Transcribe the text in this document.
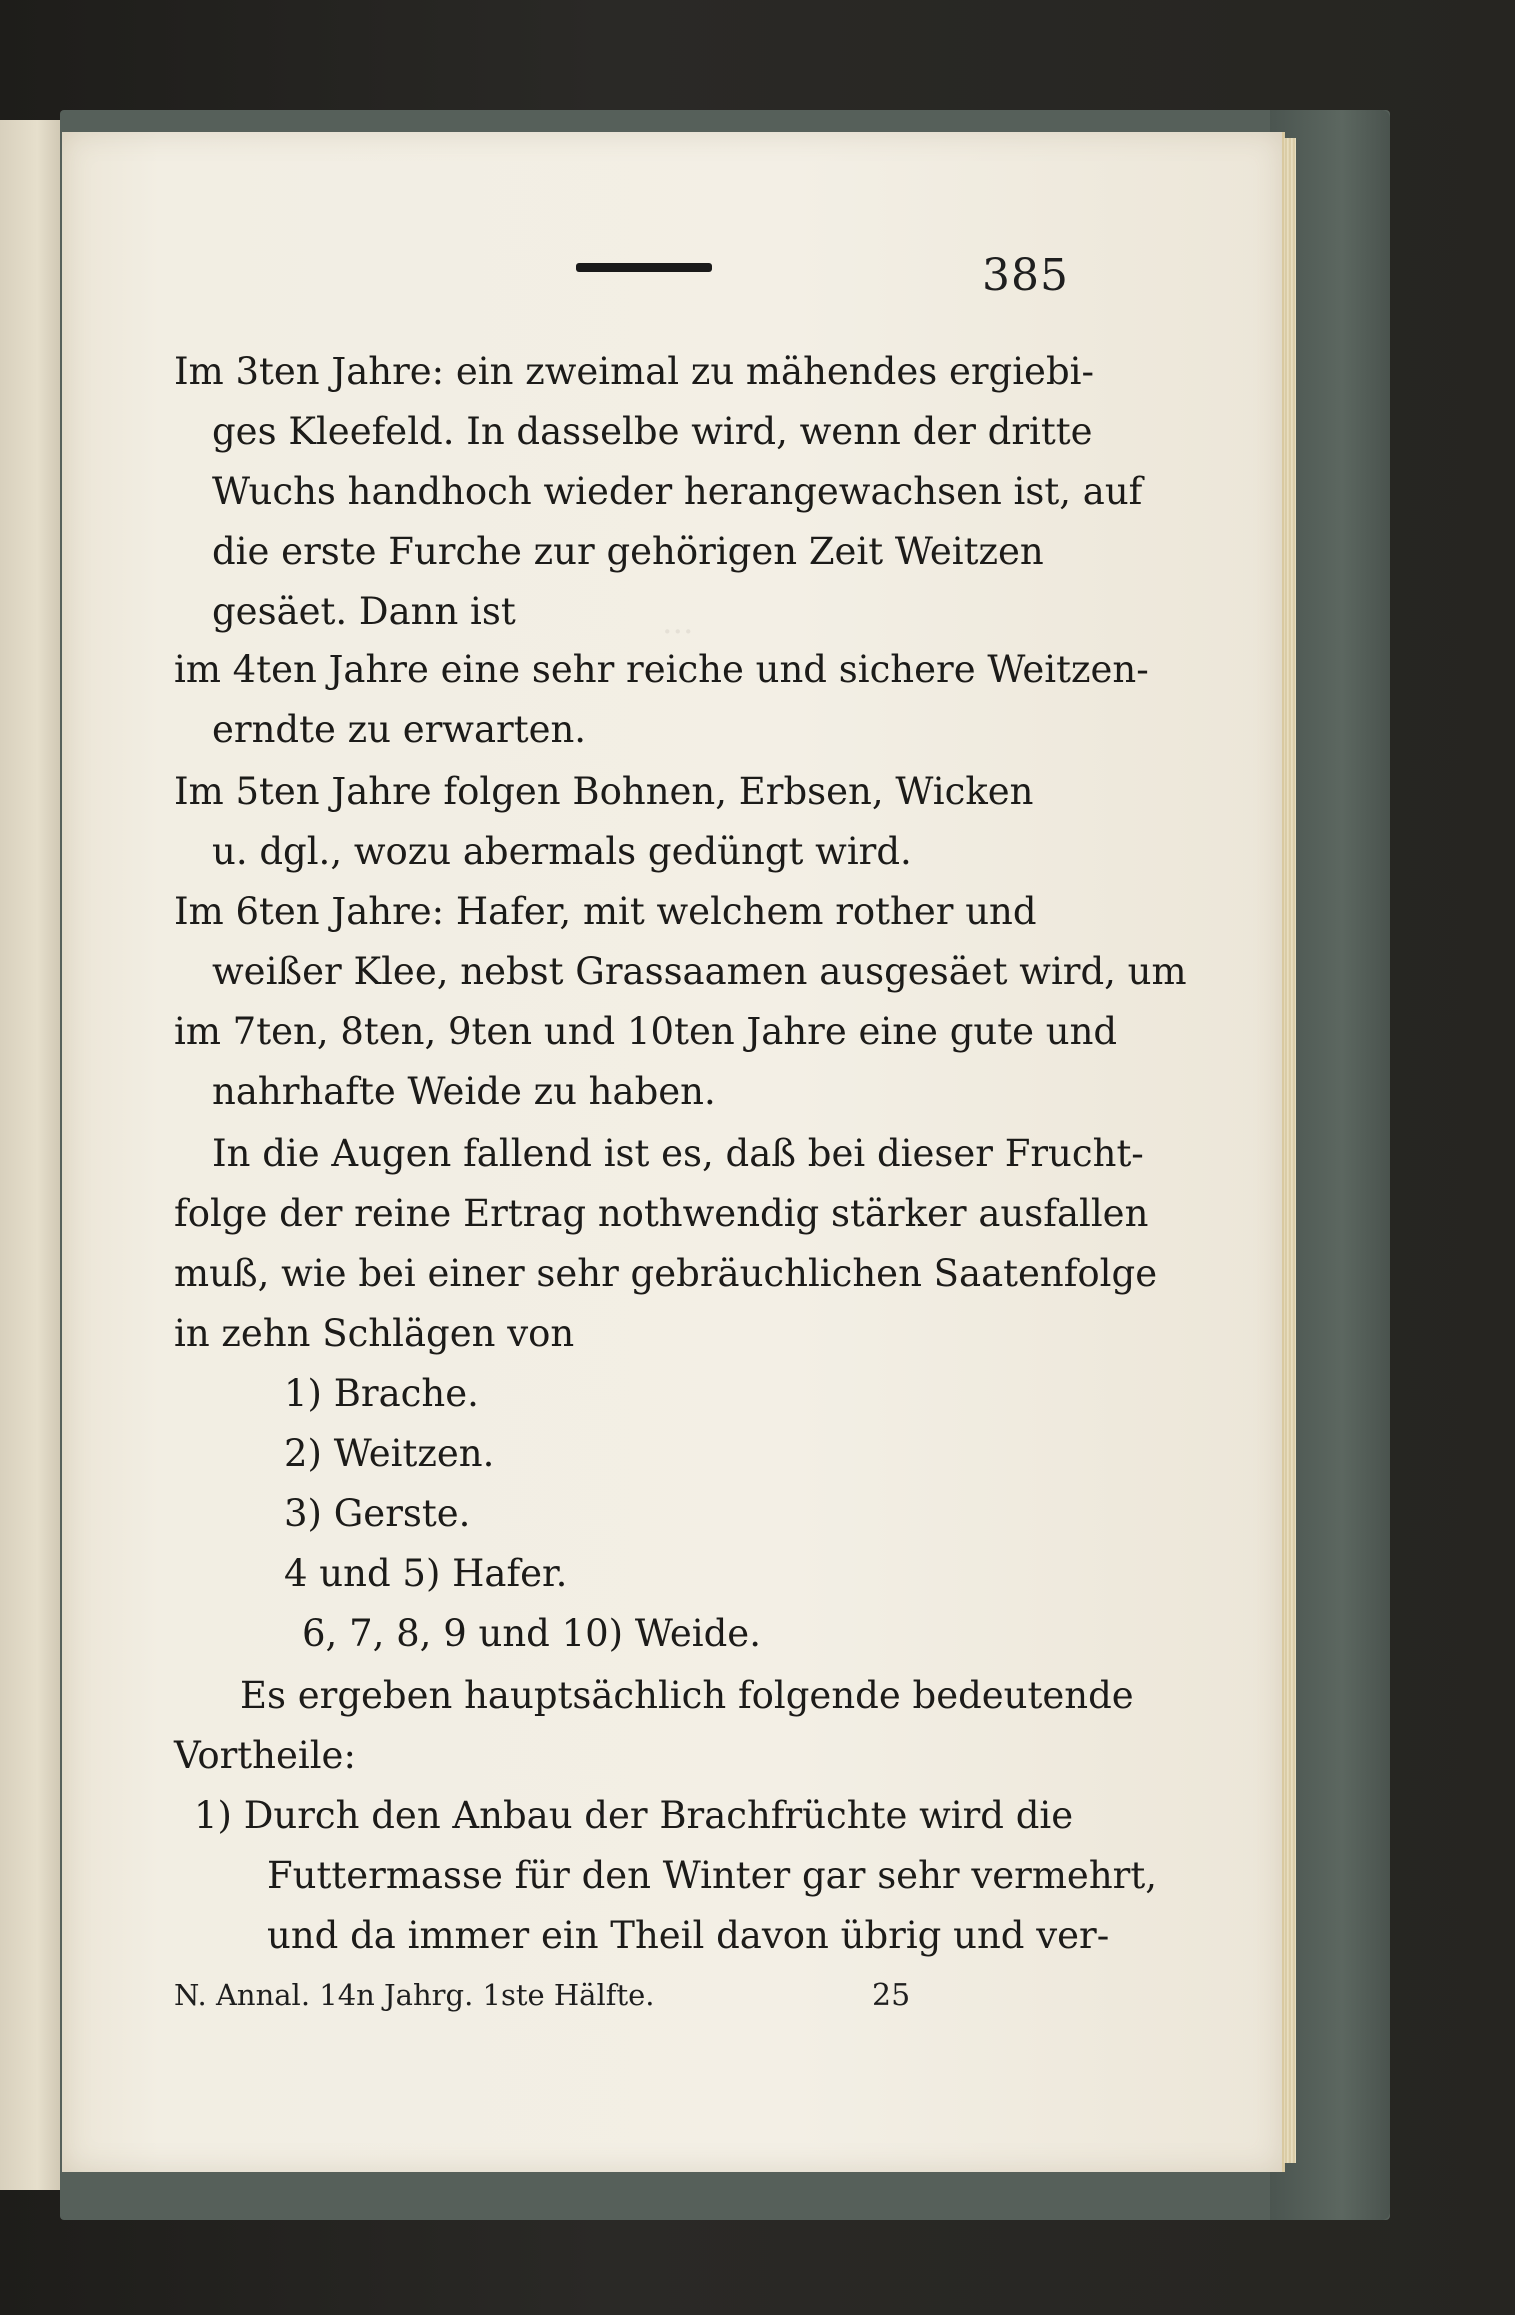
385
...
Im 3ten Jahre: ein zweimal zu mähendes ergiebi-
ges Kleefeld. In dasselbe wird, wenn der dritte
Wuchs handhoch wieder herangewachsen ist, auf
die erste Furche zur gehörigen Zeit Weitzen
gesäet. Dann ist
im 4ten Jahre eine sehr reiche und sichere Weitzen-
erndte zu erwarten.
Im 5ten Jahre folgen Bohnen, Erbsen, Wicken
u. dgl., wozu abermals gedüngt wird.
Im 6ten Jahre: Hafer, mit welchem rother und
weißer Klee, nebst Grassaamen ausgesäet wird, um
im 7ten, 8ten, 9ten und 10ten Jahre eine gute und
nahrhafte Weide zu haben.
In die Augen fallend ist es, daß bei dieser Frucht-
folge der reine Ertrag nothwendig stärker ausfallen
muß, wie bei einer sehr gebräuchlichen Saatenfolge
in zehn Schlägen von
1) Brache.
2) Weitzen.
3) Gerste.
4 und 5) Hafer.
6, 7, 8, 9 und 10) Weide.
Es ergeben hauptsächlich folgende bedeutende
Vortheile:
1) Durch den Anbau der Brachfrüchte wird die
Futtermasse für den Winter gar sehr vermehrt,
und da immer ein Theil davon übrig und ver-
N. Annal. 14n Jahrg. 1ste Hälfte.	25
